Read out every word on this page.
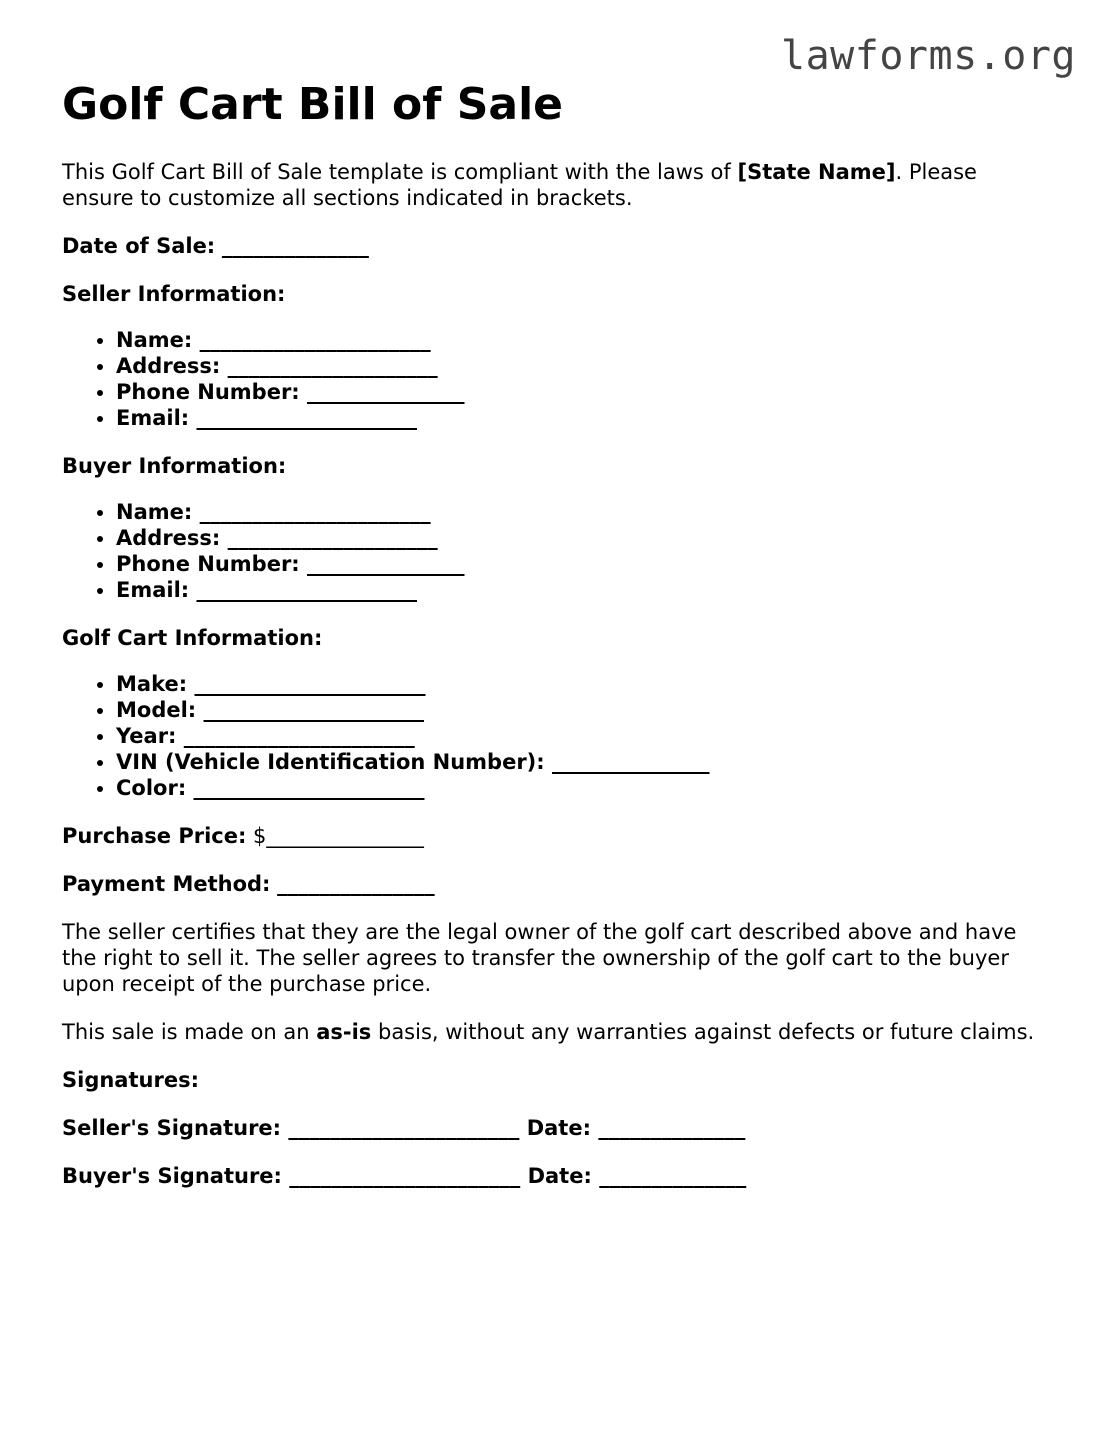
lawforms.org
Golf Cart Bill of Sale

This Golf Cart Bill of Sale template is compliant with the laws of [State Name]. Please ensure to customize all sections indicated in brackets.

Date of Sale: ______________

Seller Information:

• Name: ______________________
• Address: ____________________
• Phone Number: _______________
• Email: _____________________

Buyer Information:

• Name: ______________________
• Address: ____________________
• Phone Number: _______________
• Email: _____________________

Golf Cart Information:

• Make: ______________________
• Model: _____________________
• Year: ______________________
• VIN (Vehicle Identification Number): _______________
• Color: ______________________

Purchase Price: $_______________

Payment Method: _______________

The seller certifies that they are the legal owner of the golf cart described above and have the right to sell it. The seller agrees to transfer the ownership of the golf cart to the buyer upon receipt of the purchase price.

This sale is made on an as-is basis, without any warranties against defects or future claims.

Signatures:

Seller's Signature: ______________________ Date: ______________

Buyer's Signature: ______________________ Date: ______________
